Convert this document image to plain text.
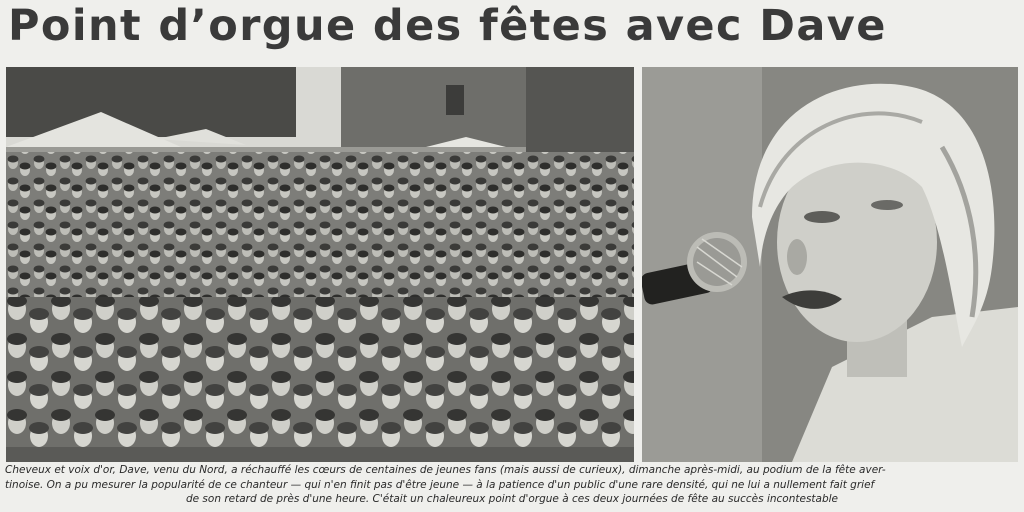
Point d’orgue des fêtes avec Dave
Cheveux et voix d'or, Dave, venu du Nord, a réchauffé les cœurs de centaines de jeunes fans (mais aussi de curieux), dimanche après-midi, au podium de la fête aver-
tinoise. On a pu mesurer la popularité de ce chanteur — qui n'en finit pas d'être jeune — à la patience d'un public d'une rare densité, qui ne lui a nullement fait grief
de son retard de près d'une heure. C'était un chaleureux point d'orgue à ces deux journées de fête au succès incontestable
